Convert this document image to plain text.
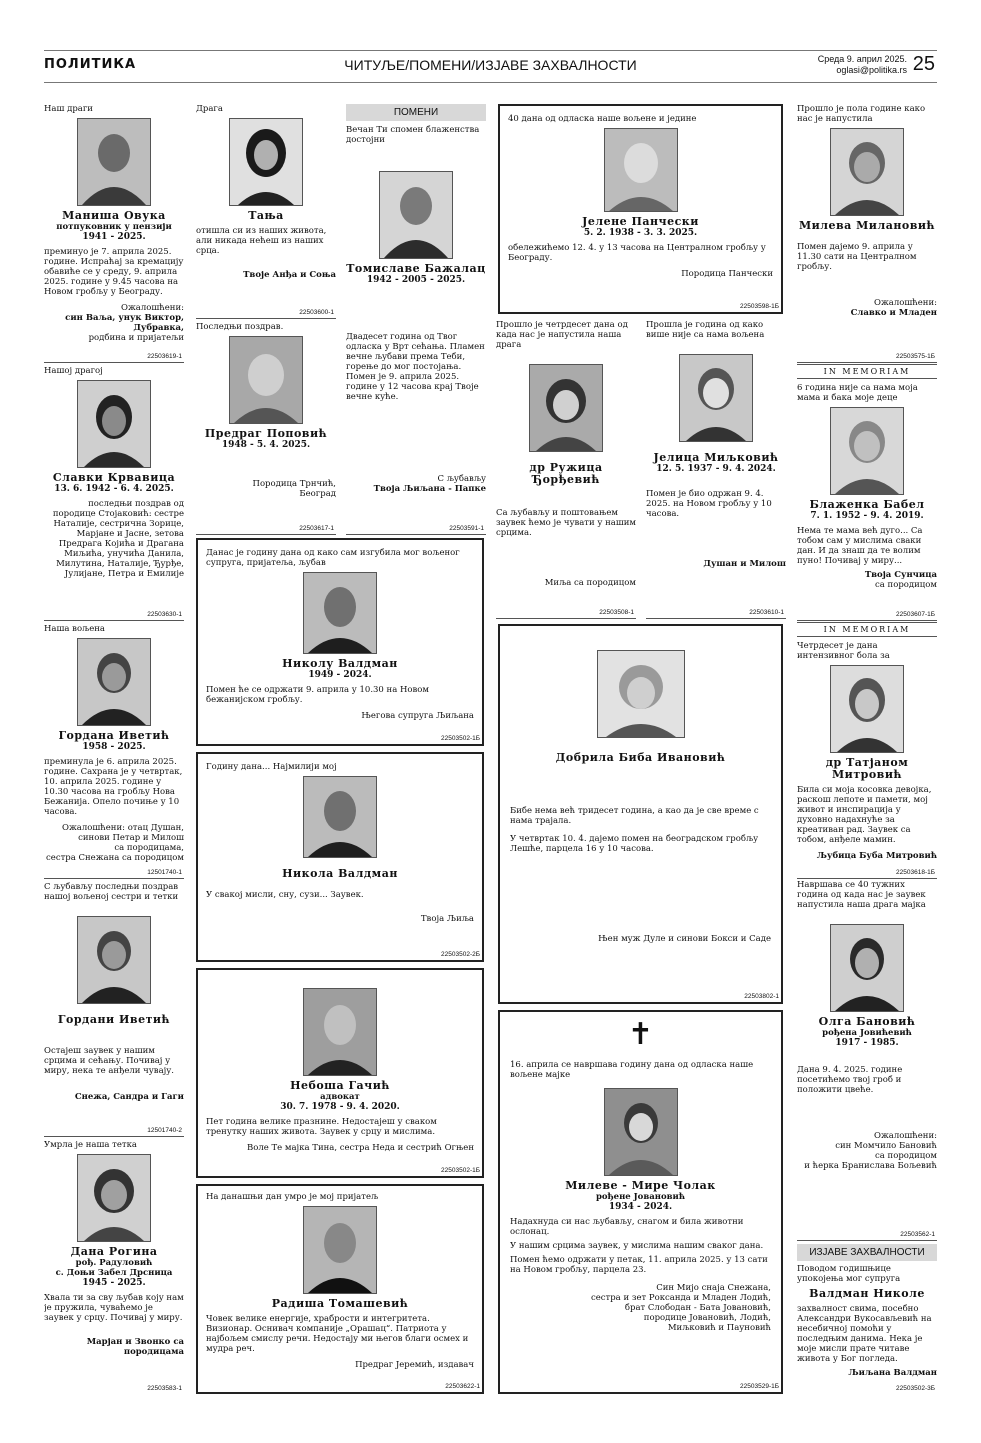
ПОЛИТИКА	ЧИТУЉЕ/ПОМЕНИ/ИЗЈАВЕ ЗАХВАЛНОСТИ	Среда 9. април 2025.
oglasi@politika.rs 25
Наш драги
Маниша Овука
потпуковник у пензији
1941 - 2025.
преминуо је 7. априла 2025. године. Испраћај за кремацију обавиће се у среду, 9. априла 2025. године у 9.45 часова на Новом гробљу у Београду.
Ожалошћени:
син Ваља, унук Виктор,
Дубравка,
родбина и пријатељи
22503619-1
Нашој драгој
Славки Крвавица
13. 6. 1942 - 6. 4. 2025.
последњи поздрав од породице Стојаковић: сестре Наталије, сестрична Зорице, Марјане и Јасне, зетова Предрага Којића и Драгана Миљића, унучића Данила, Милутина, Наталије, Ђурђе, Јулијане, Петра и Емилије
22503630-1
Наша вољена
Гордана Иветић
1958 - 2025.
преминула је 6. априла 2025. године. Сахрана је у четвртак, 10. априла 2025. године у 10.30 часова на гробљу Нова Бежанија. Опело почиње у 10 часова.
Ожалошћени: отац Душан,
синови Петар и Милош
са породицама,
сестра Снежана са породицом
12501740-1
С љубављу последњи поздрав нашој вољеној сестри и тетки
Гордани Иветић
Остајеш заувек у нашим срцима и сећању. Почивај у миру, нека те анђели чувају.
Снежа, Сандра и Гаги
12501740-2
Умрла је наша тетка
Дана Рогина
рођ. Радуловић
с. Доњи Забел Дрсница
1945 - 2025.
Хвала ти за сву љубав коју нам је пружила, чуваћемо је заувек у срцу. Почивај у миру.
Марјан и Звонко са породицама
22503583-1
Драга
Тања
отишла си из наших живота, али никада нећеш из наших срца.
Твоје Анђа и Соња
22503600-1
Последњи поздрав.
Предраг Поповић
1948 - 5. 4. 2025.
Породица Трнчић,
Београд
22503617-1
ПОМЕНИ
Вечан Ти спомен блаженства достојни
Томиславе Бажалац
1942 - 2005 - 2025.
Двадесет година од Твог одласка у Врт сећања. Пламен вечне љубави према Теби, горење до мог постојања. Помен је 9. априла 2025. године у 12 часова крај Твоје вечне куће.
С љубављу
Твоја Љиљана - Папке
22503591-1
Данас је годину дана од како сам изгубила мог вољеног супруга, пријатеља, љубав
Николу Валдман
1949 - 2024.
Помен ће се одржати 9. априла у 10.30 на Новом бежанијском гробљу.
Његова супруга Љиљана
22503502-1Б
Годину дана... Најмилији мој
Никола Валдман
У свакој мисли, сну, сузи... Заувек.
Твоја Љиља
22503502-2Б
Небоша Гачић
адвокат
30. 7. 1978 - 9. 4. 2020.
Пет година велике празнине. Недостајеш у сваком тренутку наших живота. Заувек у срцу и мислима.
Воле Те мајка Тина, сестра Неда и сестрић Огњен
22503502-1Б
На данашњи дан умро је мој пријатељ
Радиша Томашевић
Човек велике енергије, храбрости и интегритета. Визионар. Оснивач компаније „Орашац“. Патриота у најбољем смислу речи. Недостају ми његов благи осмех и мудра реч.
Предраг Јеремић, издавач
22503622-1
40 дана од одласка наше вољене и једине
Јелене Панчески
5. 2. 1938 - 3. 3. 2025.
обележићемо 12. 4. у 13 часова на Централном гробљу у Београду.
Породица Панчески
22503598-1Б
Прошло је четрдесет дана од када нас је напустила наша драга
др Ружица Ђорђевић
Са љубављу и поштовањем заувек ћемо је чувати у нашим срцима.
Миља са породицом
22503508-1
Прошла је година од како више није са нама вољена
Јелица Миљковић
12. 5. 1937 - 9. 4. 2024.
Помен је био одржан 9. 4. 2025. на Новом гробљу у 10 часова.
Душан и Милош
22503610-1
Добрила Биба Ивановић
Бибе нема већ тридесет година, а као да је све време с нама трајала.
У четвртак 10. 4. дајемо помен на београдском гробљу Лешће, парцела 16 у 10 часова.
Њен муж Дуле и синови Бокси и Саде
22503802-1
✝
16. априла се навршава годину дана од одласка наше вољене мајке
Милеве - Мире Чолак
рођене Јовановић
1934 - 2024.
Надахнуда си нас љубављу, снагом и била животни ослонац.
У нашим срцима заувек, у мислима нашим сваког дана.
Помен ћемо одржати у петак, 11. априла 2025. у 13 сати на Новом гробљу, парцела 23.
Син Мијо снаја Снежана,
сестра и зет Роксанда и Младен Лодић,
брат Слободан - Бата Јовановић,
породице Јовановић, Лодић,
Миљковић и Пауновић
22503529-1Б
Прошло је пола године како нас је напустила
Милева Милановић
Помен дајемо 9. априла у 11.30 сати на Централном гробљу.
Ожалошћени:
Славко и Младен
22503575-1Б
IN MEMORIAM
6 година није са нама моја мама и бака моје деце
Блаженка Бабел
7. 1. 1952 - 9. 4. 2019.
Нема те мама већ дуго... Са тобом сам у мислима сваки дан. И да знаш да те волим пуно! Почивај у миру...
Твоја Сунчица
са породицом
22503607-1Б
IN MEMORIAM
Четрдесет је дана интензивног бола за
др Татјаном Митровић
Била си моја косовка девојка, раскош лепоте и памети, мој живот и инспирација у духовно надахнуће за креативан рад. Заувек са тобом, анђеле мамин.
Љубица Буба Митровић
22503618-1Б
Навршава се 40 тужних година од када нас је заувек напустила наша драга мајка
Олга Бановић
рођена Јовићевић
1917 - 1985.
Дана 9. 4. 2025. године посетићемо твој гроб и положити цвеће.
Ожалошћени:
син Момчило Бановић
са породицом
и ћерка Бранислава Бољевић
22503562-1
ИЗЈАВЕ ЗАХВАЛНОСТИ
Поводом годишњице упокојења мог супруга
Валдман Николе
захвалност свима, посебно Александри Вукосављевић на несебичној помоћи у последњим данима. Нека је моје мисли прате читаве живота у Бог погледа.
Љиљана Валдман
22503502-3Б
